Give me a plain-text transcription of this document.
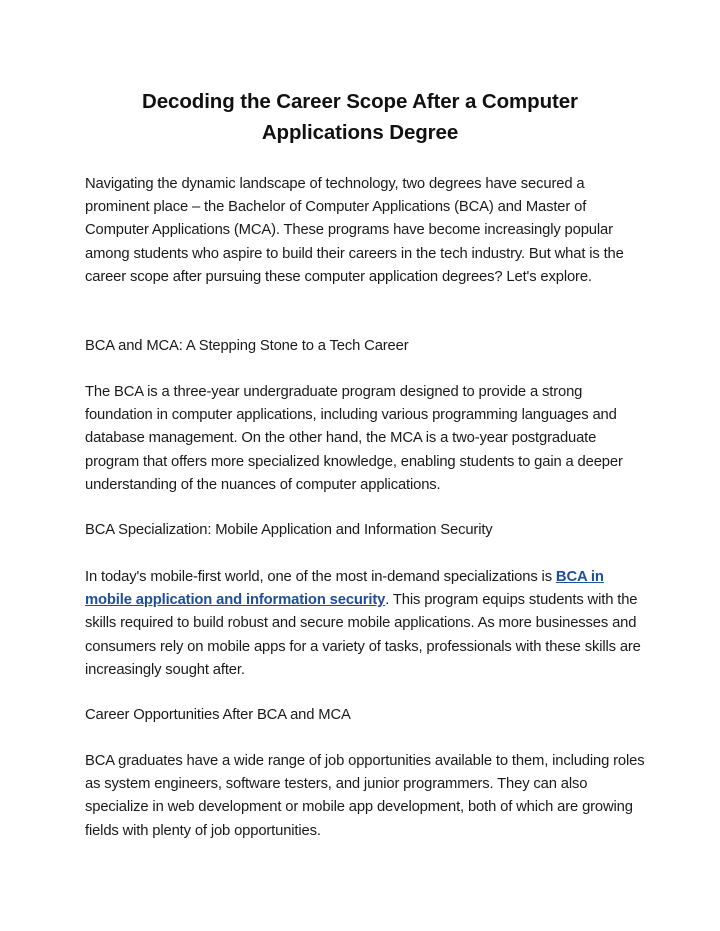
Decoding the Career Scope After a Computer
Applications Degree

Navigating the dynamic landscape of technology, two degrees have secured a prominent place – the Bachelor of Computer Applications (BCA) and Master of Computer Applications (MCA). These programs have become increasingly popular among students who aspire to build their careers in the tech industry. But what is the career scope after pursuing these computer application degrees? Let's explore.

BCA and MCA: A Stepping Stone to a Tech Career

The BCA is a three-year undergraduate program designed to provide a strong foundation in computer applications, including various programming languages and database management. On the other hand, the MCA is a two-year postgraduate program that offers more specialized knowledge, enabling students to gain a deeper understanding of the nuances of computer applications.

BCA Specialization: Mobile Application and Information Security

In today's mobile-first world, one of the most in-demand specializations is BCA in mobile application and information security. This program equips students with the skills required to build robust and secure mobile applications. As more businesses and consumers rely on mobile apps for a variety of tasks, professionals with these skills are increasingly sought after.

Career Opportunities After BCA and MCA

BCA graduates have a wide range of job opportunities available to them, including roles as system engineers, software testers, and junior programmers. They can also specialize in web development or mobile app development, both of which are growing fields with plenty of job opportunities.
